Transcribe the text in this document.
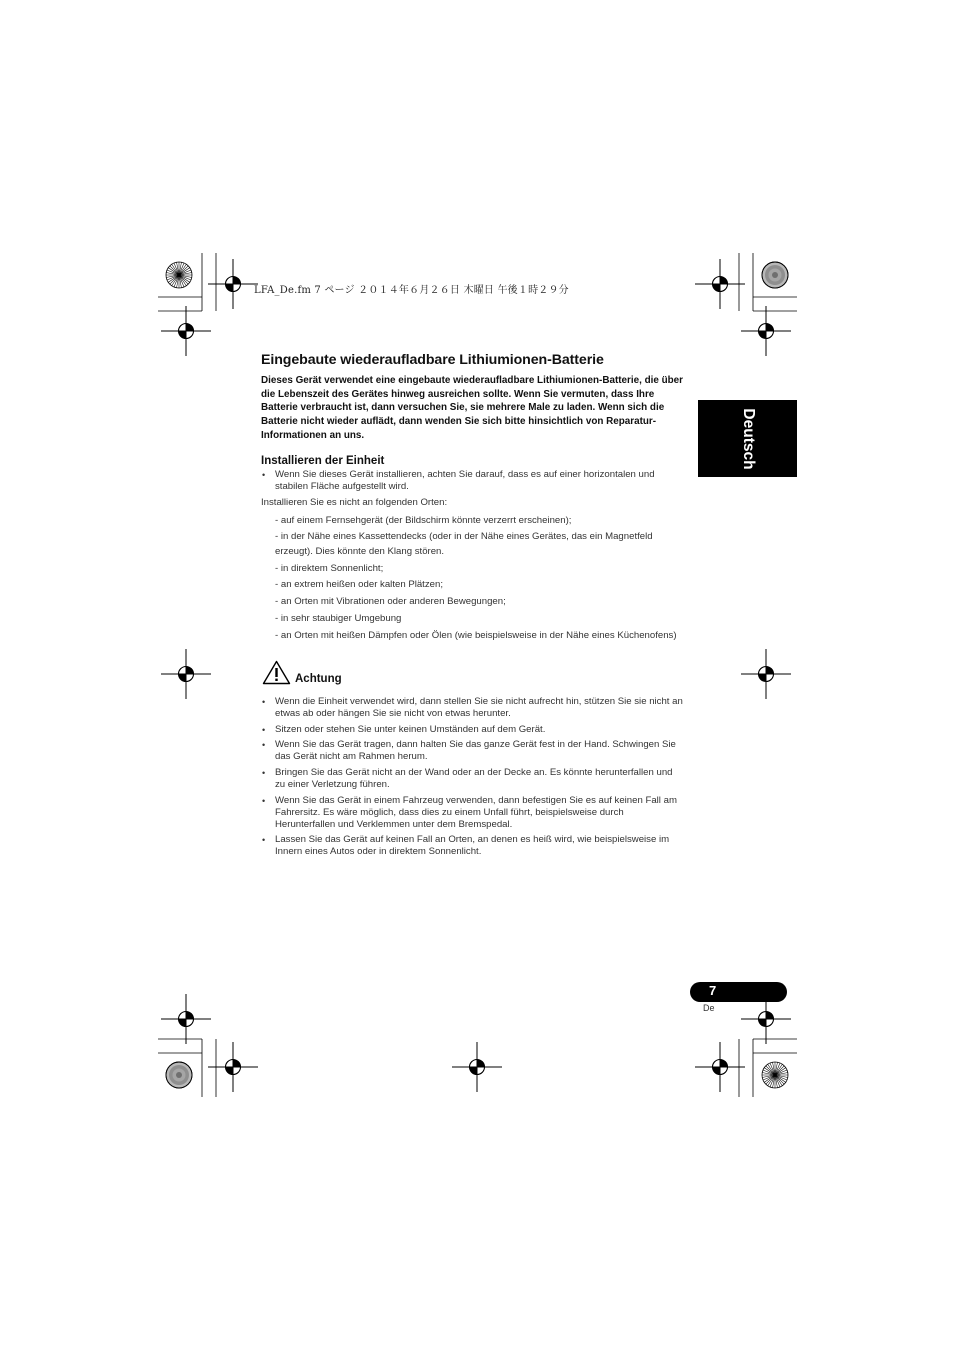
LFA_De.fm 7 ページ ２０１４年６月２６日 木曜日 午後１時２９分
Deutsch
Eingebaute wiederaufladbare Lithiumionen-Batterie

Dieses Gerät verwendet eine eingebaute wiederaufladbare Lithiumionen-Batterie, die über die Lebenszeit des Gerätes hinweg ausreichen sollte. Wenn Sie vermuten, dass Ihre Batterie verbraucht ist, dann versuchen Sie, sie mehrere Male zu laden. Wenn sich die Batterie nicht wieder auflädt, dann wenden Sie sich bitte hinsichtlich von Reparatur-Informationen an uns.

Installieren der Einheit
• Wenn Sie dieses Gerät installieren, achten Sie darauf, dass es auf einer horizontalen und stabilen Fläche aufgestellt wird.
Installieren Sie es nicht an folgenden Orten:
- auf einem Fernsehgerät (der Bildschirm könnte verzerrt erscheinen);
- in der Nähe eines Kassettendecks (oder in der Nähe eines Gerätes, das ein Magnetfeld erzeugt). Dies könnte den Klang stören.
- in direktem Sonnenlicht;
- an extrem heißen oder kalten Plätzen;
- an Orten mit Vibrationen oder anderen Bewegungen;
- in sehr staubiger Umgebung
- an Orten mit heißen Dämpfen oder Ölen (wie beispielsweise in der Nähe eines Küchenofens)
Achtung
• Wenn die Einheit verwendet wird, dann stellen Sie sie nicht aufrecht hin, stützen Sie sie nicht an etwas ab oder hängen Sie sie nicht von etwas herunter.
• Sitzen oder stehen Sie unter keinen Umständen auf dem Gerät.
• Wenn Sie das Gerät tragen, dann halten Sie das ganze Gerät fest in der Hand. Schwingen Sie das Gerät nicht am Rahmen herum.
• Bringen Sie das Gerät nicht an der Wand oder an der Decke an. Es könnte herunterfallen und zu einer Verletzung führen.
• Wenn Sie das Gerät in einem Fahrzeug verwenden, dann befestigen Sie es auf keinen Fall am Fahrersitz. Es wäre möglich, dass dies zu einem Unfall führt, beispielsweise durch Herunterfallen und Verklemmen unter dem Bremspedal.
• Lassen Sie das Gerät auf keinen Fall an Orten, an denen es heiß wird, wie beispielsweise im Innern eines Autos oder in direktem Sonnenlicht.
7
De
